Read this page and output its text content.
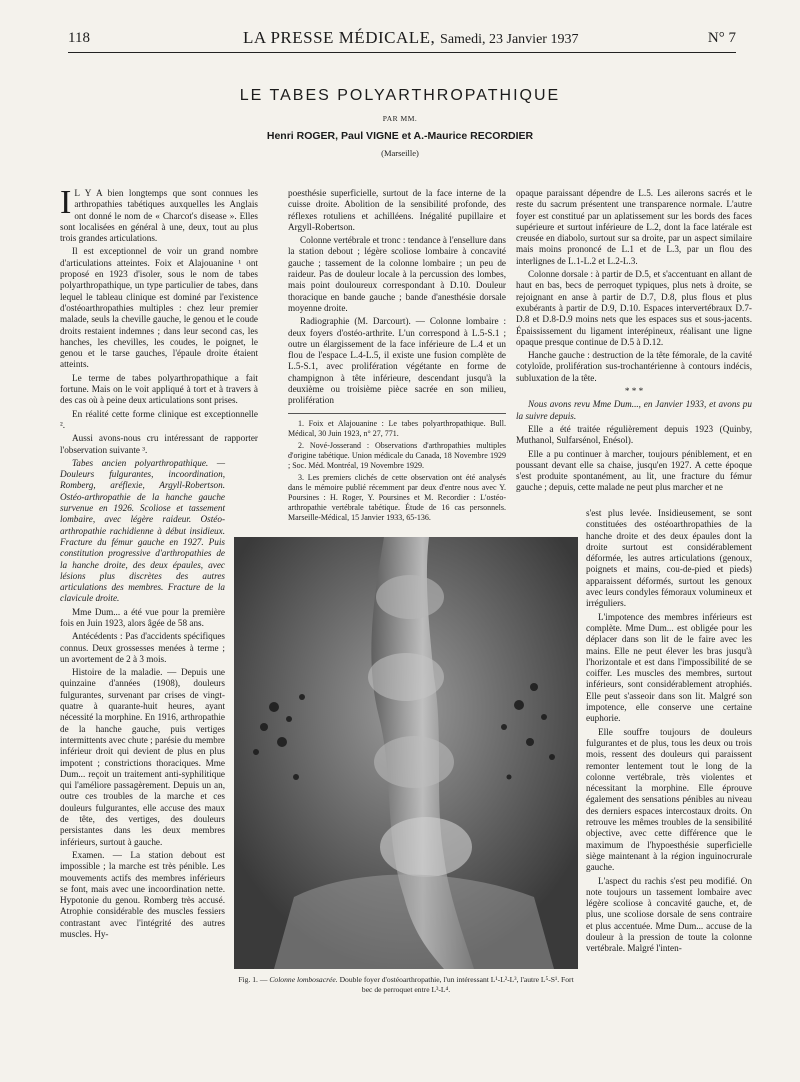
118	LA PRESSE MÉDICALE, Samedi, 23 Janvier 1937	N° 7
LE TABES POLYARTHROPATHIQUE
PAR MM.
Henri ROGER, Paul VIGNE et A.-Maurice RECORDIER
(Marseille)

I L Y A bien longtemps que sont connues les arthropathies tabétiques auxquelles les Anglais ont donné le nom de « Charcot's disease ». Elles sont localisées en général à une, deux, tout au plus trois grandes articulations.

Il est exceptionnel de voir un grand nombre d'articulations atteintes. Foix et Alajouanine ¹ ont proposé en 1923 d'isoler, sous le nom de tabes polyarthropathique, un type particulier de tabes, dans lequel le tableau clinique est dominé par l'existence d'ostéoarthropathies multiples : chez leur premier malade, seuls la cheville gauche, le genou et le coude droits restaient indemnes ; dans leur second cas, les hanches, les chevilles, les coudes, le poignet, le genou et le tarse gauches, l'épaule droite étaient atteints.

Le terme de tabes polyarthropathique a fait fortune. Mais on le voit appliqué à tort et à travers à des cas où à peine deux articulations sont prises.

En réalité cette forme clinique est exceptionnelle ².

Aussi avons-nous cru intéressant de rapporter l'observation suivante ³.

Tabes ancien polyarthropathique. — Douleurs fulgurantes, incoordination, Romberg, aréflexie, Argyll-Robertson. Ostéo-arthropathie de la hanche gauche survenue en 1926. Scoliose et tassement lombaire, avec légère raideur. Ostéo-arthropathie rachidienne à début insidieux. Fracture du fémur gauche en 1927. Puis constitution progressive d'arthropathies de la hanche droite, des deux épaules, avec lésions plus discrètes des autres articulations des membres. Fracture de la clavicule droite.

Mme Dum... a été vue pour la première fois en Juin 1923, alors âgée de 58 ans.

Antécédents : Pas d'accidents spécifiques connus. Deux grossesses menées à terme ; un avortement de 2 à 3 mois.

Histoire de la maladie. — Depuis une quinzaine d'années (1908), douleurs fulgurantes, survenant par crises de vingt-quatre à quarante-huit heures, ayant nécessité la morphine. En 1916, arthropathie de la hanche gauche, puis vertiges intermittents avec chute ; parésie du membre inférieur droit qui devient de plus en plus impotent ; constrictions thoraciques. Mme Dum... reçoit un traitement anti-syphilitique qui l'améliore passagèrement. Depuis un an, outre ces troubles de la marche et ces douleurs fulgurantes, elle accuse des maux de tête, des vertiges, des douleurs persistantes dans les deux membres inférieurs, surtout à gauche.

Examen. — La station debout est impossible ; la marche est très pénible. Les mouvements actifs des membres inférieurs se font, mais avec une incoordination nette. Hypotonie du genou. Romberg très accusé. Atrophie considérable des muscles fessiers contrastant avec l'intégrité des autres muscles. Hy-

poesthésie superficielle, surtout de la face interne de la cuisse droite. Abolition de la sensibilité profonde, des réflexes rotuliens et achilléens. Inégalité pupillaire et Argyll-Robertson.

Colonne vertébrale et tronc : tendance à l'ensellure dans la station debout ; légère scoliose lombaire à concavité gauche ; tassement de la colonne lombaire ; un peu de raideur. Pas de douleur locale à la percussion des lombes, mais point douloureux correspondant à D.10. Douleur thoracique en bande gauche ; bande d'anesthésie dorsale moyenne droite.

Radiographie (M. Darcourt). — Colonne lombaire : deux foyers d'ostéo-arthrite. L'un correspond à L.5-S.1 ; outre un élargissement de la face inférieure de L.4 et un flou de l'espace L.4-L.5, il existe une fusion complète de L.5-S.1, avec prolifération végétante en forme de champignon à tête inférieure, descendant jusqu'à la deuxième ou troisième pièce sacrée en son milieu, prolifération

1. Foix et Alajouanine : Le tabes polyarthropathique. Bull. Médical, 30 Juin 1923, n° 27, 771.

2. Nové-Josserand : Observations d'arthropathies multiples d'origine tabétique. Union médicale du Canada, 18 Novembre 1929 ; Soc. Méd. Montréal, 19 Novembre 1929.

3. Les premiers clichés de cette observation ont été analysés dans le mémoire publié récemment par deux d'entre nous avec Y. Poursines : H. Roger, Y. Poursines et M. Recordier : L'ostéo-arthropathie vertébrale tabétique. Étude de 16 cas personnels. Marseille-Médical, 15 Janvier 1933, 65-136.

opaque paraissant dépendre de L.5. Les ailerons sacrés et le reste du sacrum présentent une transparence normale. L'autre foyer est constitué par un aplatissement sur les bords des faces supérieure et surtout inférieure de L.2, dont la face latérale est creusée en diabolo, surtout sur sa droite, par un aspect similaire mais moins prononcé de L.1 et de L.3, par un flou des interlignes de L.1-L.2 et L.2-L.3.

Colonne dorsale : à partir de D.5, et s'accentuant en allant de haut en bas, becs de perroquet typiques, plus nets à droite, se rejoignant en anse à partir de D.7, D.8, plus flous et plus exubérants à partir de D.9, D.10. Espaces intervertébraux D.7-D.8 et D.8-D.9 moins nets que les espaces sus et sous-jacents. Épaississement du ligament interépineux, réalisant une ligne opaque presque continue de D.5 à D.12.

Hanche gauche : destruction de la tête fémorale, de la cavité cotyloïde, prolifération sus-trochantérienne à contours indécis, subluxation de la tête.

* * *

Nous avons revu Mme Dum..., en Janvier 1933, et avons pu la suivre depuis.

Elle a été traitée régulièrement depuis 1923 (Quinby, Muthanol, Sulfarsénol, Enésol).

Elle a pu continuer à marcher, toujours péniblement, et en poussant devant elle sa chaise, jusqu'en 1927. A cette époque s'est produite spontanément, au lit, une fracture du fémur gauche ; depuis, cette malade ne peut plus marcher et ne

s'est plus levée. Insidieusement, se sont constituées des ostéoarthropathies de la hanche droite et des deux épaules dont la droite surtout est considérablement déformée, les autres articulations (genoux, poignets et mains, cou-de-pied et pieds) apparaissent déformés, surtout les genoux avec leurs condyles fémoraux volumineux et irréguliers.

L'impotence des membres inférieurs est complète. Mme Dum... est obligée pour les déplacer dans son lit de le faire avec les mains. Elle ne peut élever les bras jusqu'à l'horizontale et est dans l'impossibilité de se coiffer. Les muscles des membres, surtout inférieurs, sont considérablement atrophiés. Elle peut s'asseoir dans son lit. Malgré son impotence, elle conserve une certaine euphorie.

Elle souffre toujours de douleurs fulgurantes et de plus, tous les deux ou trois mois, ressent des douleurs qui paraissent remonter lentement tout le long de la colonne vertébrale, très violentes et nécessitant la morphine. Elle éprouve également des sensations pénibles au niveau des derniers espaces intercostaux droits. On retrouve les mêmes troubles de la sensibilité objective, avec cette différence que le maximum de l'hypoesthésie superficielle siège maintenant à la région inguinocrurale gauche.

L'aspect du rachis s'est peu modifié. On note toujours un tassement lombaire avec légère scoliose à concavité gauche, et, de plus, une scoliose dorsale de sens contraire et plus accentuée. Mme Dum... accuse de la douleur à la pression de toute la colonne vertébrale. Malgré l'inten-

Fig. 1. — Colonne lombosacrée. Double foyer d'ostéoarthropathie, l'un intéressant L¹-L²-L³, l'autre L⁵-S¹. Fort bec de perroquet entre L³-L⁴.
